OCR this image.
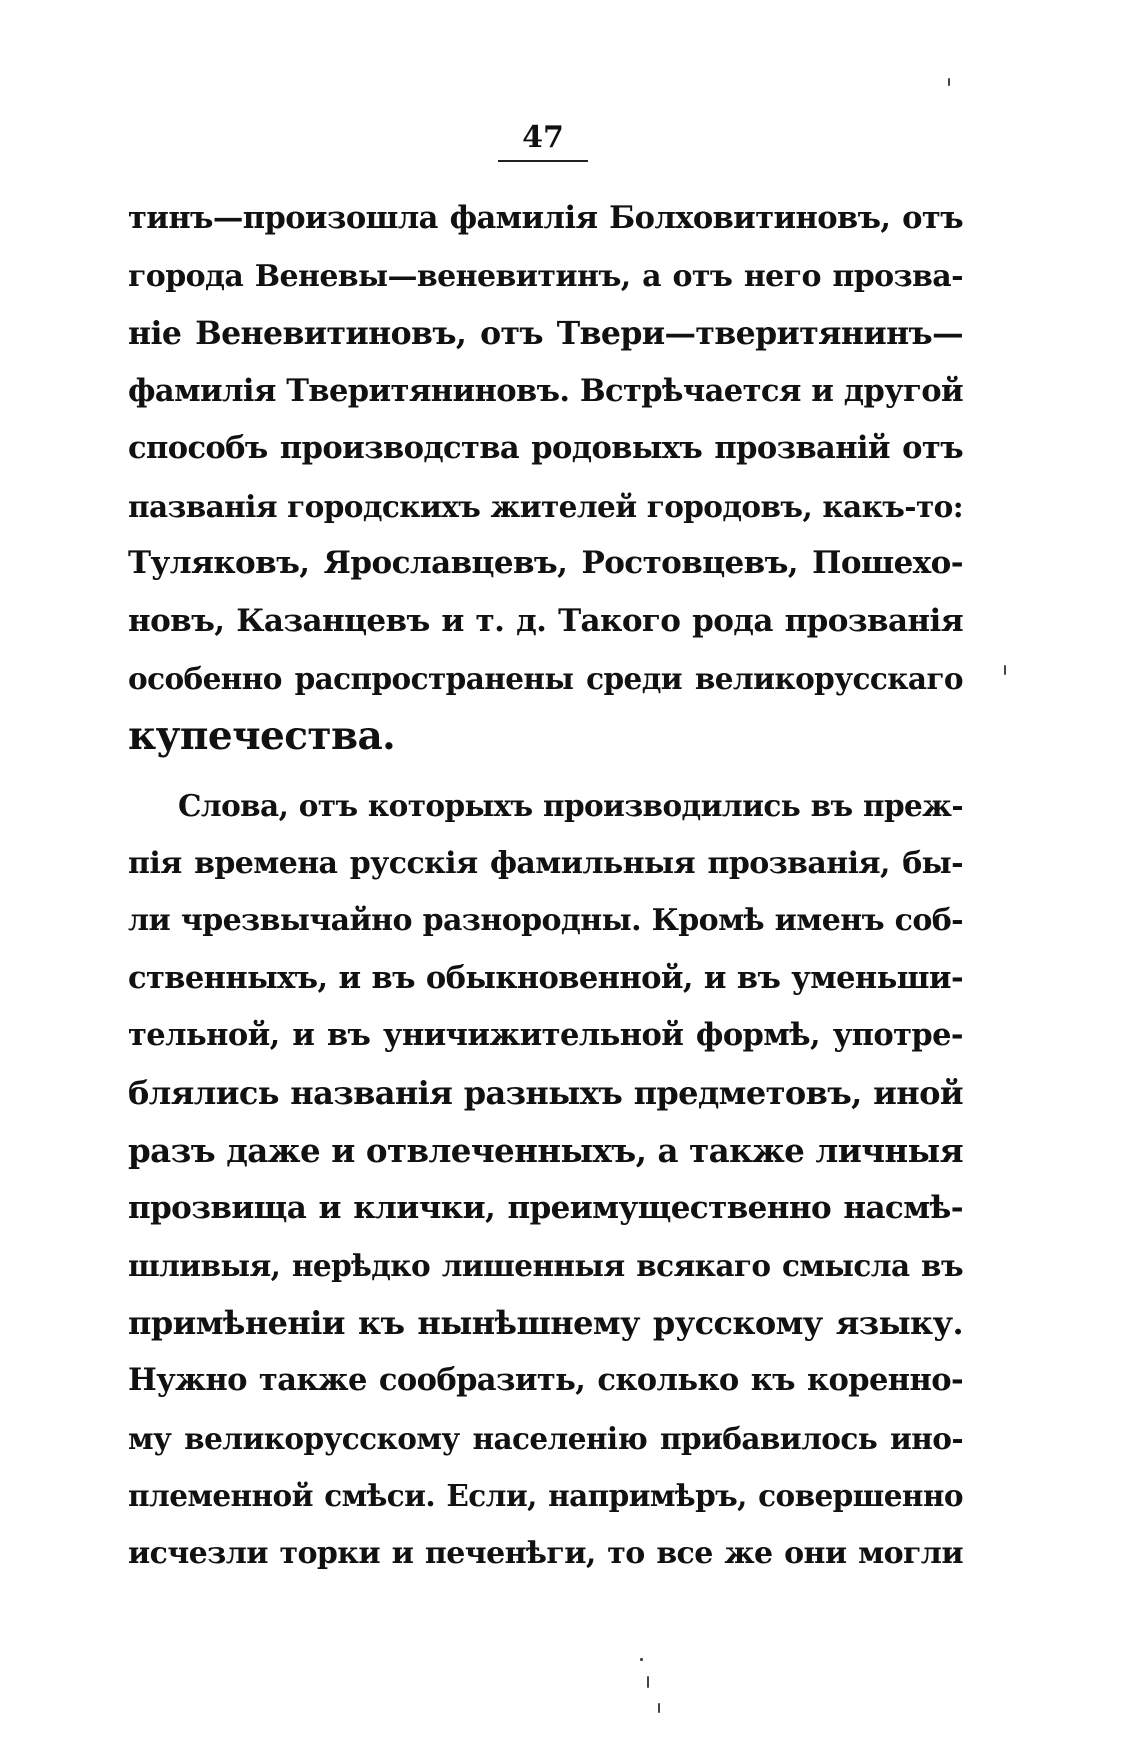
47
тинъ—произошла фамилія Болховитиновъ, отъ
города Веневы—веневитинъ, а отъ него прозва-
ніе Веневитиновъ, отъ Твери—тверитянинъ—
фамилія Тверитяниновъ. Встрѣчается и другой
способъ производства родовыхъ прозваній отъ
пазванія городскихъ жителей городовъ, какъ-то:
Туляковъ, Ярославцевъ, Ростовцевъ, Пошехо-
новъ, Казанцевъ и т. д. Такого рода прозванія
особенно распространены среди великорусскаго
купечества.
Слова, отъ которыхъ производились въ преж-
пія времена русскія фамильныя прозванія, бы-
ли чрезвычайно разнородны. Кромѣ именъ соб-
ственныхъ, и въ обыкновенной, и въ уменьши-
тельной, и въ уничижительной формѣ, употре-
блялись названія разныхъ предметовъ, иной
разъ даже и отвлеченныхъ, а также личныя
прозвища и клички, преимущественно насмѣ-
шливыя, нерѣдко лишенныя всякаго смысла въ
примѣненіи къ нынѣшнему русскому языку.
Нужно также сообразить, сколько къ коренно-
му великорусскому населенію прибавилось ино-
племенной смѣси. Если, напримѣръ, совершенно
исчезли торки и печенѣги, то все же они могли
